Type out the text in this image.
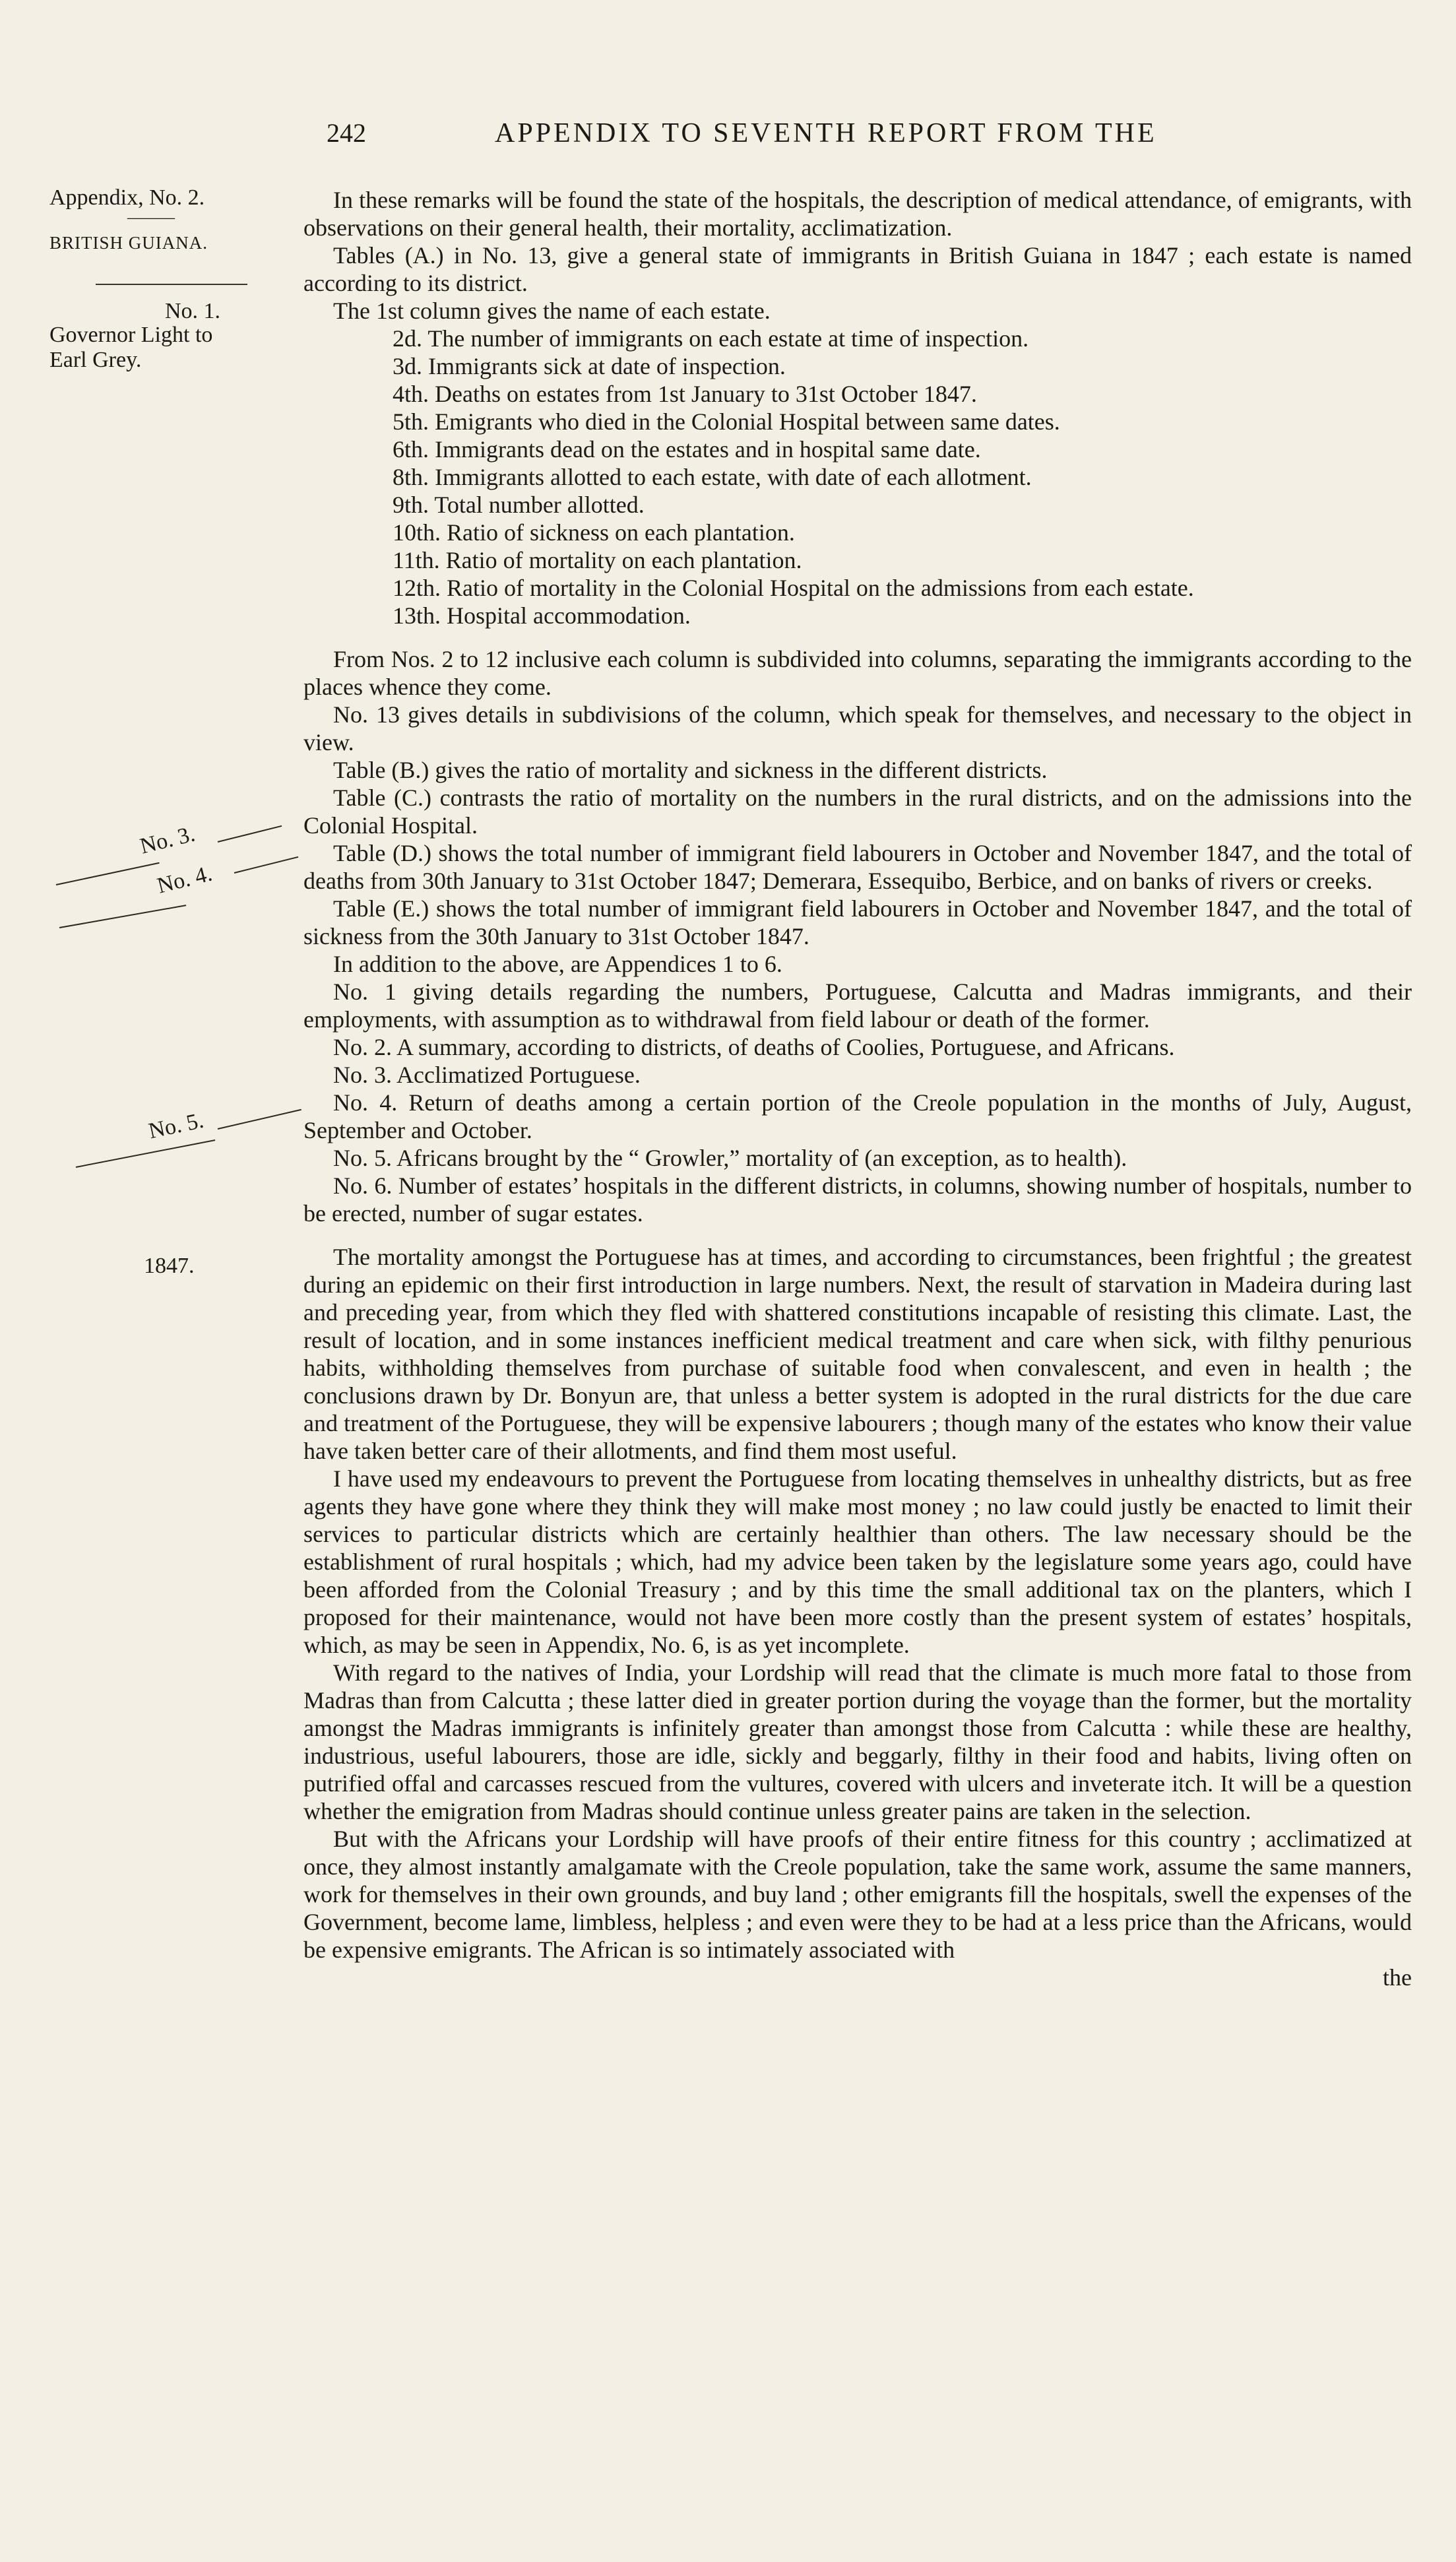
242	APPENDIX TO SEVENTH REPORT FROM THE
Appendix, No. 2.
———
BRITISH GUIANA.
No. 1.
Governor Light to
Earl Grey.
No. 3.
No. 4.
No. 5.
1847.

In these remarks will be found the state of the hospitals, the description of medical attendance, of emigrants, with observations on their general health, their mortality, acclimatization.

Tables (A.) in No. 13, give a general state of immigrants in British Guiana in 1847 ; each estate is named according to its district.

The 1st column gives the name of each estate.

2d. The number of immigrants on each estate at time of inspection.
3d. Immigrants sick at date of inspection.
4th. Deaths on estates from 1st January to 31st October 1847.
5th. Emigrants who died in the Colonial Hospital between same dates.
6th. Immigrants dead on the estates and in hospital same date.
8th. Immigrants allotted to each estate, with date of each allotment.
9th. Total number allotted.
10th. Ratio of sickness on each plantation.
11th. Ratio of mortality on each plantation.
12th. Ratio of mortality in the Colonial Hospital on the admissions from each estate.
13th. Hospital accommodation.

From Nos. 2 to 12 inclusive each column is subdivided into columns, separating the immigrants according to the places whence they come.

No. 13 gives details in subdivisions of the column, which speak for themselves, and necessary to the object in view.

Table (B.) gives the ratio of mortality and sickness in the different districts.

Table (C.) contrasts the ratio of mortality on the numbers in the rural districts, and on the admissions into the Colonial Hospital.

Table (D.) shows the total number of immigrant field labourers in October and November 1847, and the total of deaths from 30th January to 31st October 1847; Demerara, Essequibo, Berbice, and on banks of rivers or creeks.

Table (E.) shows the total number of immigrant field labourers in October and November 1847, and the total of sickness from the 30th January to 31st October 1847.

In addition to the above, are Appendices 1 to 6.

No. 1 giving details regarding the numbers, Portuguese, Calcutta and Madras immigrants, and their employments, with assumption as to withdrawal from field labour or death of the former.

No. 2. A summary, according to districts, of deaths of Coolies, Portuguese, and Africans.

No. 3. Acclimatized Portuguese.

No. 4. Return of deaths among a certain portion of the Creole population in the months of July, August, September and October.

No. 5. Africans brought by the “ Growler,” mortality of (an exception, as to health).

No. 6. Number of estates’ hospitals in the different districts, in columns, showing number of hospitals, number to be erected, number of sugar estates.

The mortality amongst the Portuguese has at times, and according to circumstances, been frightful ; the greatest during an epidemic on their first introduction in large numbers. Next, the result of starvation in Madeira during last and preceding year, from which they fled with shattered constitutions incapable of resisting this climate. Last, the result of location, and in some instances inefficient medical treatment and care when sick, with filthy penurious habits, withholding themselves from purchase of suitable food when convalescent, and even in health ; the conclusions drawn by Dr. Bonyun are, that unless a better system is adopted in the rural districts for the due care and treatment of the Portuguese, they will be expensive labourers ; though many of the estates who know their value have taken better care of their allotments, and find them most useful.

I have used my endeavours to prevent the Portuguese from locating themselves in unhealthy districts, but as free agents they have gone where they think they will make most money ; no law could justly be enacted to limit their services to particular districts which are certainly healthier than others. The law necessary should be the establishment of rural hospitals ; which, had my advice been taken by the legislature some years ago, could have been afforded from the Colonial Treasury ; and by this time the small additional tax on the planters, which I proposed for their maintenance, would not have been more costly than the present system of estates’ hospitals, which, as may be seen in Appendix, No. 6, is as yet incomplete.

With regard to the natives of India, your Lordship will read that the climate is much more fatal to those from Madras than from Calcutta ; these latter died in greater portion during the voyage than the former, but the mortality amongst the Madras immigrants is infinitely greater than amongst those from Calcutta : while these are healthy, industrious, useful labourers, those are idle, sickly and beggarly, filthy in their food and habits, living often on putrified offal and carcasses rescued from the vultures, covered with ulcers and inveterate itch. It will be a question whether the emigration from Madras should continue unless greater pains are taken in the selection.

But with the Africans your Lordship will have proofs of their entire fitness for this country ; acclimatized at once, they almost instantly amalgamate with the Creole population, take the same work, assume the same manners, work for themselves in their own grounds, and buy land ; other emigrants fill the hospitals, swell the expenses of the Government, become lame, limbless, helpless ; and even were they to be had at a less price than the Africans, would be expensive emigrants. The African is so intimately associated with

the
